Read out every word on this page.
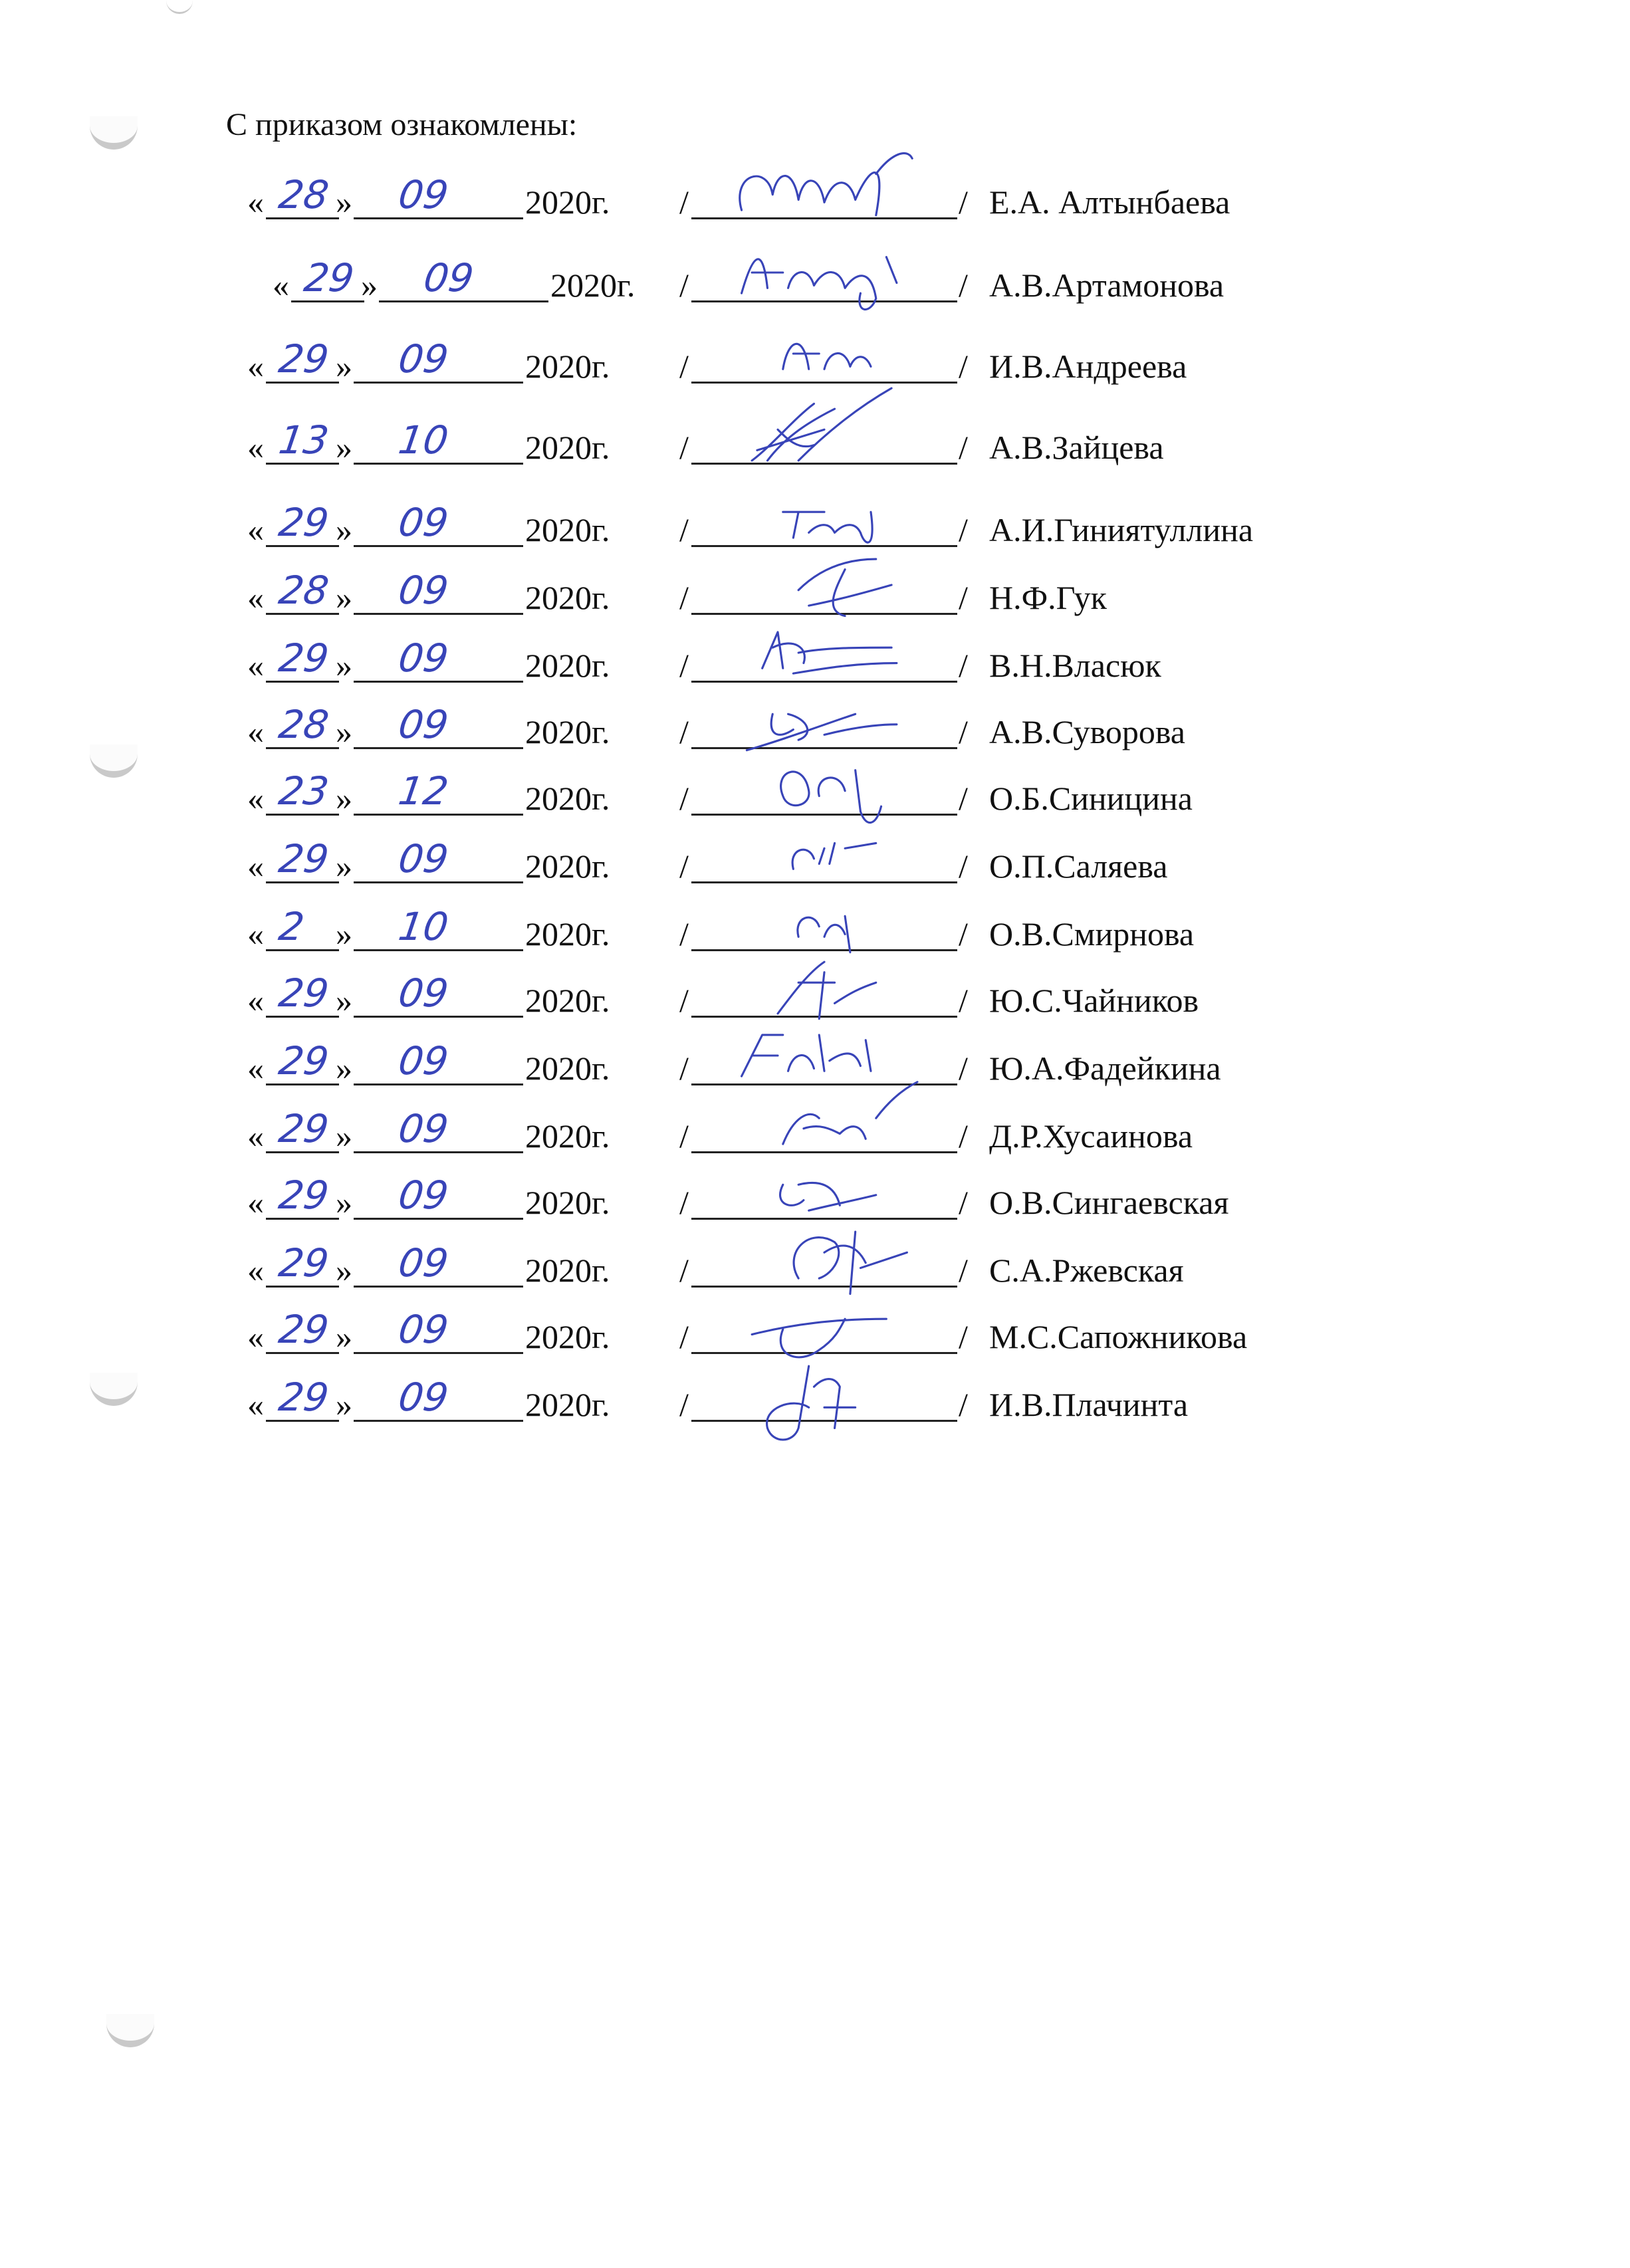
С приказом ознакомлены:
« 28 » 09 2020г. /	/ Е.А. Алтынбаева
« 29 » 09 2020г. /	/ А.В.Артамонова
« 29 » 09 2020г. /	/ И.В.Андреева
« 13 » 10 2020г. /	/ А.В.Зайцева
« 29 » 09 2020г. /	/ А.И.Гиниятуллина
« 28 » 09 2020г. /	/ Н.Ф.Гук
« 29 » 09 2020г. /	/ В.Н.Власюк
« 28 » 09 2020г. /	/ А.В.Суворова
« 23 » 12 2020г. /	/ О.Б.Синицина
« 29 » 09 2020г. /	/ О.П.Саляева
« 2 » 10 2020г. /	/ О.В.Смирнова
« 29 » 09 2020г. /	/ Ю.С.Чайников
« 29 » 09 2020г. /	/ Ю.А.Фадейкина
« 29 » 09 2020г. /	/ Д.Р.Хусаинова
« 29 » 09 2020г. /	/ О.В.Сингаевская
« 29 » 09 2020г. /	/ С.А.Ржевская
« 29 » 09 2020г. /	/ М.С.Сапожникова
« 29 » 09 2020г. /	/ И.В.Плачинта
